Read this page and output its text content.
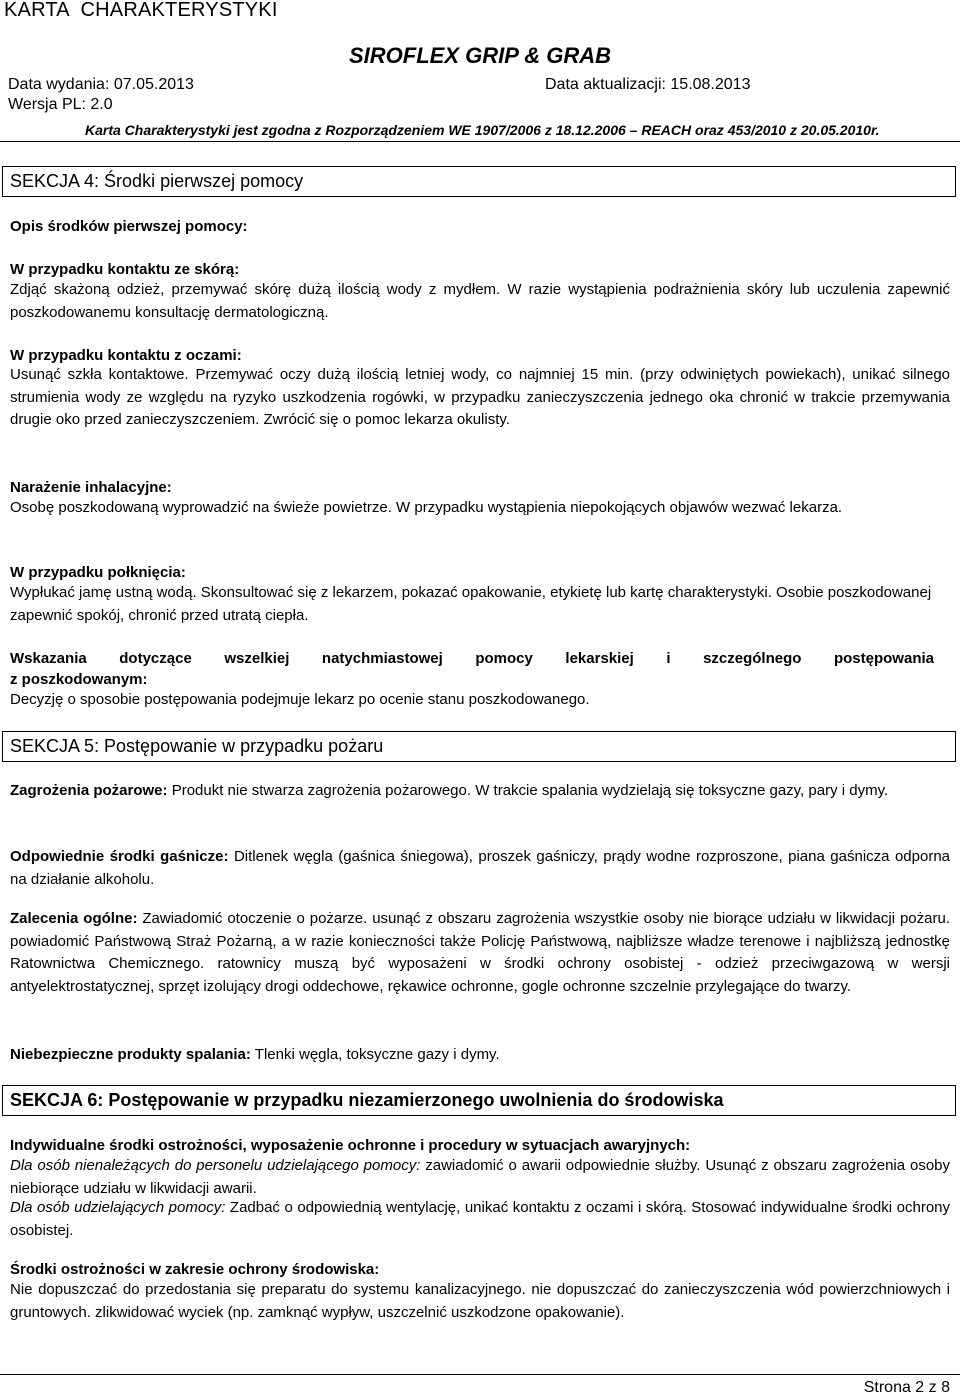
KARTA CHARAKTERYSTYKI
SIROFLEX GRIP & GRAB
Data wydania: 07.05.2013	Data aktualizacji: 15.08.2013
Wersja PL: 2.0
Karta Charakterystyki jest zgodna z Rozporządzeniem WE 1907/2006 z 18.12.2006 – REACH oraz 453/2010 z 20.05.2010r.
SEKCJA 4: Środki pierwszej pomocy
Opis środków pierwszej pomocy:
W przypadku kontaktu ze skórą:
Zdjąć skażoną odzież, przemywać skórę dużą ilością wody z mydłem. W razie wystąpienia podrażnienia skóry lub uczulenia zapewnić poszkodowanemu konsultację dermatologiczną.
W przypadku kontaktu z oczami:
Usunąć szkła kontaktowe. Przemywać oczy dużą ilością letniej wody, co najmniej 15 min. (przy odwiniętych powiekach), unikać silnego strumienia wody ze względu na ryzyko uszkodzenia rogówki, w przypadku zanieczyszczenia jednego oka chronić w trakcie przemywania drugie oko przed zanieczyszczeniem. Zwrócić się o pomoc lekarza okulisty.
Narażenie inhalacyjne:
Osobę poszkodowaną wyprowadzić na świeże powietrze. W przypadku wystąpienia niepokojących objawów wezwać lekarza.
W przypadku połknięcia:
Wypłukać jamę ustną wodą. Skonsultować się z lekarzem, pokazać opakowanie, etykietę lub kartę charakterystyki. Osobie poszkodowanej zapewnić spokój, chronić przed utratą ciepła.
Wskazania dotyczące wszelkiej natychmiastowej pomocy lekarskiej i szczególnego postępowania
z poszkodowanym:
Decyzję o sposobie postępowania podejmuje lekarz po ocenie stanu poszkodowanego.
SEKCJA 5: Postępowanie w przypadku pożaru
Zagrożenia pożarowe: Produkt nie stwarza zagrożenia pożarowego. W trakcie spalania wydzielają się toksyczne gazy, pary i dymy.
Odpowiednie środki gaśnicze: Ditlenek węgla (gaśnica śniegowa), proszek gaśniczy, prądy wodne rozproszone, piana gaśnicza odporna na działanie alkoholu.
Zalecenia ogólne: Zawiadomić otoczenie o pożarze. usunąć z obszaru zagrożenia wszystkie osoby nie biorące udziału w likwidacji pożaru. powiadomić Państwową Straż Pożarną, a w razie konieczności także Policję Państwową, najbliższe władze terenowe i najbliższą jednostkę Ratownictwa Chemicznego. ratownicy muszą być wyposażeni w środki ochrony osobistej - odzież przeciwgazową w wersji antyelektrostatycznej, sprzęt izolujący drogi oddechowe, rękawice ochronne, gogle ochronne szczelnie przylegające do twarzy.
Niebezpieczne produkty spalania: Tlenki węgla, toksyczne gazy i dymy.
SEKCJA 6: Postępowanie w przypadku niezamierzonego uwolnienia do środowiska
Indywidualne środki ostrożności, wyposażenie ochronne i procedury w sytuacjach awaryjnych:
Dla osób nienależących do personelu udzielającego pomocy: zawiadomić o awarii odpowiednie służby. Usunąć z obszaru zagrożenia osoby niebiorące udziału w likwidacji awarii.
Dla osób udzielających pomocy: Zadbać o odpowiednią wentylację, unikać kontaktu z oczami i skórą. Stosować indywidualne środki ochrony osobistej.
Środki ostrożności w zakresie ochrony środowiska:
Nie dopuszczać do przedostania się preparatu do systemu kanalizacyjnego. nie dopuszczać do zanieczyszczenia wód powierzchniowych i gruntowych. zlikwidować wyciek (np. zamknąć wypływ, uszczelnić uszkodzone opakowanie).
Strona 2 z 8
